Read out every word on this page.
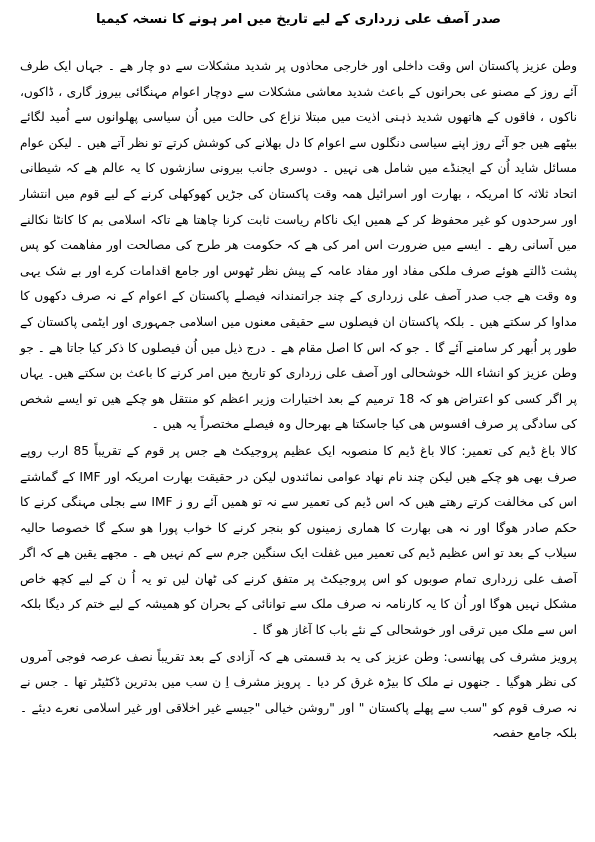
صدر آصف علی زرداری کے لیے تاریخ میں امر ہونے کا نسخہ کیمیا

وطن عزیز پاکستان اس وقت داخلی اور خارجی محاذوں پر شدید مشکلات سے دو چار ھے ۔ جہاں ایک طرف آئے روز کے مصنو عی بحرانوں کے باعث شدید معاشی مشکلات سے دوچار اعوام مہنگائی بیروز گاری ، ڈاکوں، ناکوں ، فاقوں کے ھاتھوں شدید ذہنی اذیت میں مبتلا نزاع کی حالت میں اُن سیاسی پھلوانوں سے اُمید لگائے بیٹھے ھیں جو آئے روز اپنے سیاسی دنگلوں سے اعوام کا دل بھلانے کی کوشش کرتے تو نظر آتے ھیں ۔ لیکن عوام مسائل شاید اُن کے ایجنڈے میں شامل ھی نہیں ۔ دوسری جانب بیرونی سازشوں کا یہ عالم ھے کہ شیطانی اتحاد ثلاثہ کا امریکہ ، بھارت اور اسرائیل ھمہ وقت پاکستان کی جڑیں کھوکھلی کرنے کے لیے قوم میں انتشار اور سرحدوں کو غیر محفوظ کر کے ھمیں ایک ناکام ریاست ثابت کرنا چاھتا ھے تاکہ اسلامی بم کا کانٹا نکالنے میں آسانی رھے ۔ ایسے میں ضرورت اس امر کی ھے کہ حکومت ھر طرح کی مصالحت اور مفاھمت کو پس پشت ڈالتے ھوئے صرف ملکی مفاد اور مفاد عامہ کے پیش نظر ٹھوس اور جامع اقدامات کرے اور بے شک یہی وہ وقت ھے جب صدر آصف علی زرداری کے چند جراتمندانہ فیصلے پاکستان کے اعوام کے نہ صرف دکھوں کا مداوا کر سکتے ھیں ۔ بلکہ پاکستان ان فیصلوں سے حقیقی معنوں میں اسلامی جمہوری اور ایٹمی پاکستان کے طور پر اُبھر کر سامنے آئے گا ۔ جو کہ اس کا اصل مقام ھے ۔ درج ذیل میں اُن فیصلوں کا ذکر کیا جاتا ھے ۔ جو وطن عزیز کو انشاء اللہ خوشحالی اور آصف علی زرداری کو تاریخ میں امر کرنے کا باعث بن سکتے ھیں۔ یہاں پر اگر کسی کو اعتراض ھو کہ 18 ترمیم کے بعد اختیارات وزیر اعظم کو منتقل ھو چکے ھیں تو ایسے شخص کی سادگی پر صرف افسوس ھی کیا جاسکتا ھے بھرحال وہ فیصلے مختصراً یہ ھیں ۔

کالا باغ ڈیم کی تعمیر: کالا باغ ڈیم کا منصوبہ ایک عظیم پروجیکٹ ھے جس پر قوم کے تقریباً 85 ارب روپے صرف بھی ھو چکے ھیں لیکن چند نام نھاد عوامی نمائندوں لیکن در حقیقت بھارت امریکہ اور IMF کے گماشتے اس کی مخالفت کرتے رھتے ھیں کہ اس ڈیم کی تعمیر سے نہ تو ھمیں آئے رو ز IMF سے بجلی مہنگی کرنے کا حکم صادر ھوگا اور نہ ھی بھارت کا ھماری زمینوں کو بنجر کرنے کا خواب پورا ھو سکے گا خصوصا حالیہ سیلاب کے بعد تو اس عظیم ڈیم کی تعمیر میں غفلت ایک سنگین جرم سے کم نہیں ھے ۔ مجھے یقین ھے کہ اگر آصف علی زرداری تمام صوبوں کو اس پروجیکٹ پر متفق کرنے کی ٹھان لیں تو یہ اُ ن کے لیے کچھ خاص مشکل نہیں ھوگا اور اُن کا یہ کارنامہ نہ صرف ملک سے توانائی کے بحران کو ھمیشہ کے لیے ختم کر دیگا بلکہ اس سے ملک میں ترقی اور خوشحالی کے نئے باب کا آغاز ھو گا ۔

پرویز مشرف کی پھانسی: وطن عزیز کی یہ بد قسمتی ھے کہ آزادی کے بعد تقریباً نصف عرصہ فوجی آمروں کی نظر ھوگیا ۔ جنھوں نے ملک کا بیڑہ غرق کر دیا ۔ پرویز مشرف اِ ن سب میں بدترین ڈکٹیٹر تھا ۔ جس نے نہ صرف قوم کو "سب سے پھلے پاکستان " اور "روشن خیالی "جیسے غیر اخلاقی اور غیر اسلامی نعرے دیئے ۔ بلکہ جامع حفصہ
